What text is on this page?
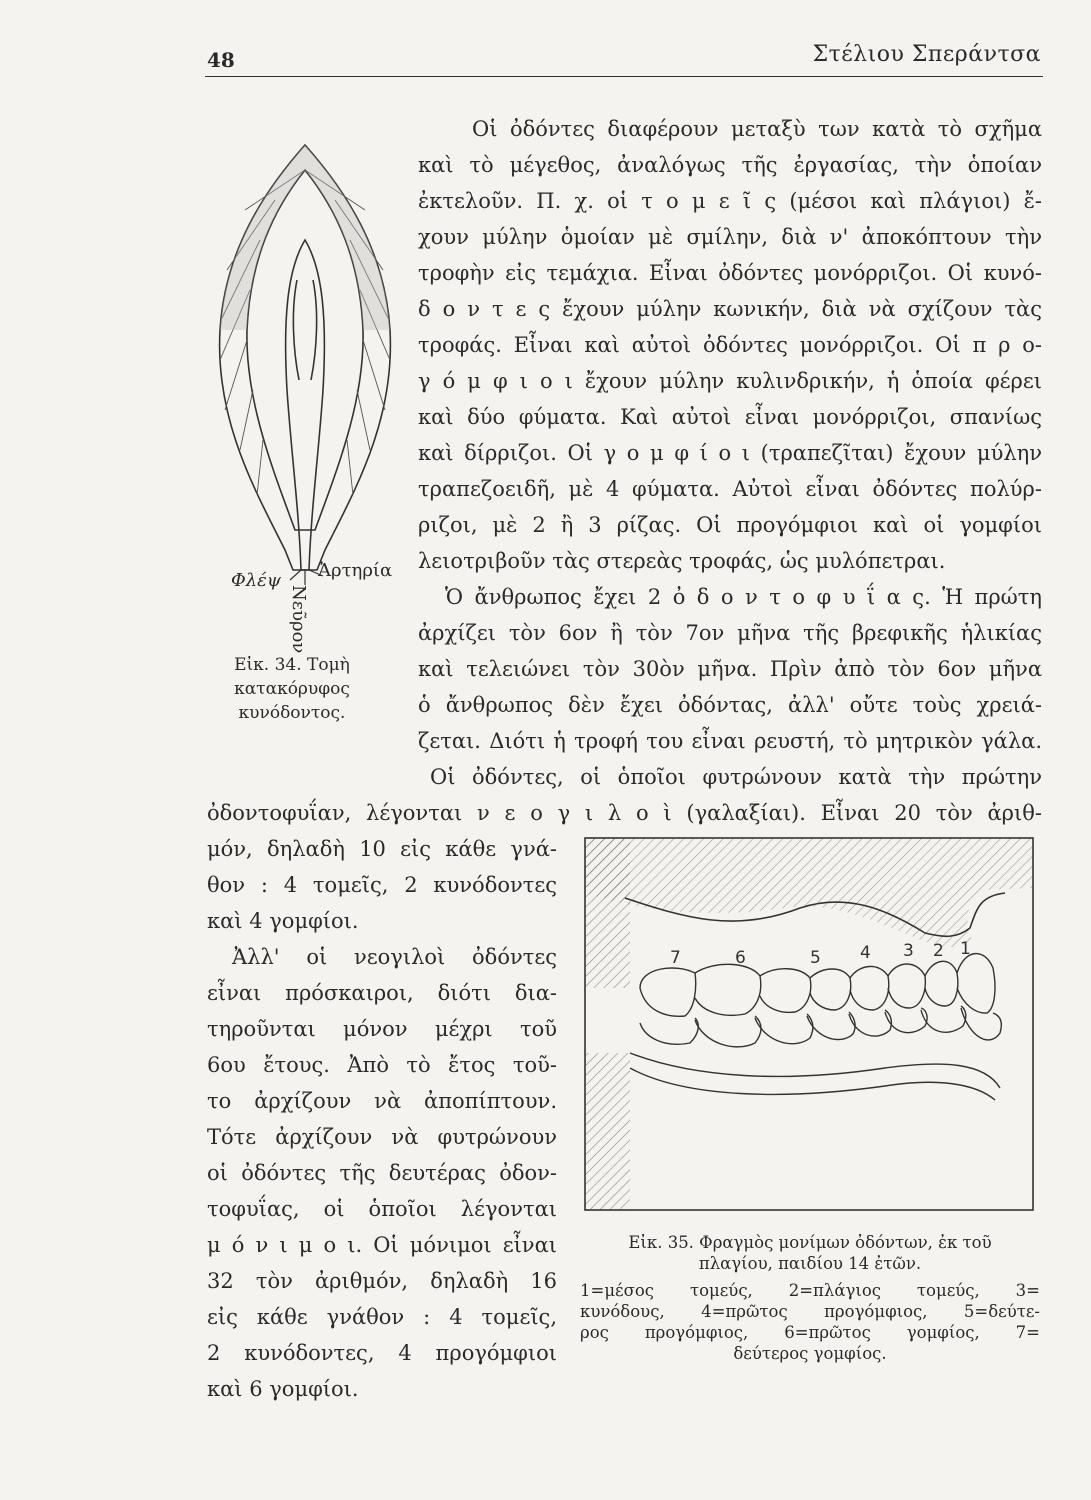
48	Στέλιου Σπεράντσα
Φλέψ Ἀρτηρία
Νεῦρον
Εἰκ. 34. Τομὴ
κατακόρυφος
κυνόδοντος.
Οἱ ὀδόντες διαφέρουν μεταξὺ των κατὰ τὸ σχῆμα
καὶ τὸ μέγεθος, ἀναλόγως τῆς ἐργασίας, τὴν ὁποίαν
ἐκτελοῦν. Π. χ. οἱ τ ο μ ε ῖ ς (μέσοι καὶ πλάγιοι) ἔ-
χουν μύλην ὁμοίαν μὲ σμίλην, διὰ ν' ἀποκόπτουν τὴν
τροφὴν εἰς τεμάχια. Εἶναι ὀδόντες μονόρριζοι. Οἱ κυνό-
δ ο ν τ ε ς ἔχουν μύλην κωνικήν, διὰ νὰ σχίζουν τὰς
τροφάς. Εἶναι καὶ αὐτοὶ ὀδόντες μονόρριζοι. Οἱ π ρ ο-
γ ό μ φ ι ο ι ἔχουν μύλην κυλινδρικήν, ἡ ὁποία φέρει
καὶ δύο φύματα. Καὶ αὐτοὶ εἶναι μονόρριζοι, σπανίως
καὶ δίρριζοι. Οἱ γ ο μ φ ί ο ι (τραπεζῖται) ἔχουν μύλην
τραπεζοειδῆ, μὲ 4 φύματα. Αὐτοὶ εἶναι ὀδόντες πολύρ-
ριζοι, μὲ 2 ἢ 3 ρίζας. Οἱ προγόμφιοι καὶ οἱ γομφίοι
λειοτριβοῦν τὰς στερεὰς τροφάς, ὡς μυλόπετραι.
Ὁ ἄνθρωπος ἔχει 2 ὀ δ ο ν τ ο φ υ ΐ α ς. Ἡ πρώτη
ἀρχίζει τὸν 6ον ἢ τὸν 7ον μῆνα τῆς βρεφικῆς ἡλικίας
καὶ τελειώνει τὸν 30ὸν μῆνα. Πρὶν ἀπὸ τὸν 6ον μῆνα
ὁ ἄνθρωπος δὲν ἔχει ὀδόντας, ἀλλ' οὔτε τοὺς χρειά-
ζεται. Διότι ἡ τροφή του εἶναι ρευστή, τὸ μητρικὸν γάλα.
Οἱ ὀδόντες, οἱ ὁποῖοι φυτρώνουν κατὰ τὴν πρώτην
ὀδοντοφυΐαν, λέγονται ν ε ο γ ι λ ο ὶ (γαλαξίαι). Εἶναι 20 τὸν ἀριθ-
μόν, δηλαδὴ 10 εἰς κάθε γνά-
θον : 4 τομεῖς, 2 κυνόδοντες
καὶ 4 γομφίοι.
Ἀλλ' οἱ νεογιλοὶ ὀδόντες
εἶναι πρόσκαιροι, διότι δια-
τηροῦνται μόνον μέχρι τοῦ
6ου ἔτους. Ἀπὸ τὸ ἔτος τοῦ-
το ἀρχίζουν νὰ ἀποπίπτουν.
Τότε ἀρχίζουν νὰ φυτρώνουν
οἱ ὀδόντες τῆς δευτέρας ὀδον-
τοφυΐας, οἱ ὁποῖοι λέγονται
μ ό ν ι μ ο ι. Οἱ μόνιμοι εἶναι
32 τὸν ἀριθμόν, δηλαδὴ 16
εἰς κάθε γνάθον : 4 τομεῖς,
2 κυνόδοντες, 4 προγόμφιοι
καὶ 6 γομφίοι.
7	6	5 4 3 2 1
Εἰκ. 35. Φραγμὸς μονίμων ὀδόντων, ἐκ τοῦ
πλαγίου, παιδίου 14 ἐτῶν.
1=μέσος τομεύς, 2=πλάγιος τομεύς, 3=
κυνόδους, 4=πρῶτος προγόμφιος, 5=δεύτε-
ρος προγόμφιος, 6=πρῶτος γομφίος, 7=
δεύτερος γομφίος.
